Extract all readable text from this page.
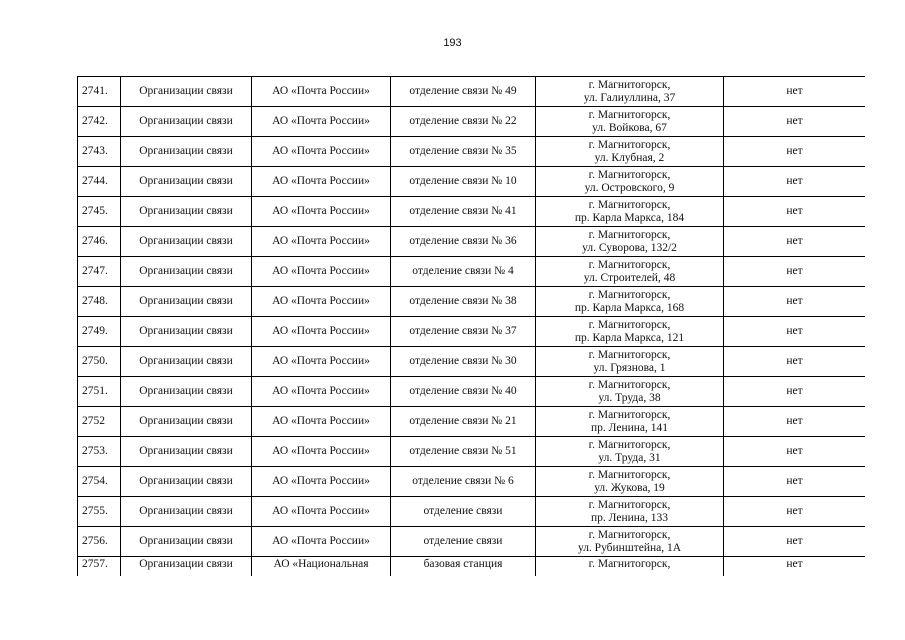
193
2741.	Организации связи	АО «Почта России»	отделение связи № 49	г. Магнитогорск,
ул. Галиуллина, 37	нет
2742.	Организации связи	АО «Почта России»	отделение связи № 22	г. Магнитогорск,
ул. Войкова, 67	нет
2743.	Организации связи	АО «Почта России»	отделение связи № 35	г. Магнитогорск,
ул. Клубная, 2	нет
2744.	Организации связи	АО «Почта России»	отделение связи № 10	г. Магнитогорск,
ул. Островского, 9	нет
2745.	Организации связи	АО «Почта России»	отделение связи № 41	г. Магнитогорск,
пр. Карла Маркса, 184	нет
2746.	Организации связи	АО «Почта России»	отделение связи № 36	г. Магнитогорск,
ул. Суворова, 132/2	нет
2747.	Организации связи	АО «Почта России»	отделение связи № 4	г. Магнитогорск,
ул. Строителей, 48	нет
2748.	Организации связи	АО «Почта России»	отделение связи № 38	г. Магнитогорск,
пр. Карла Маркса, 168	нет
2749.	Организации связи	АО «Почта России»	отделение связи № 37	г. Магнитогорск,
пр. Карла Маркса, 121	нет
2750.	Организации связи	АО «Почта России»	отделение связи № 30	г. Магнитогорск,
ул. Грязнова, 1	нет
2751.	Организации связи	АО «Почта России»	отделение связи № 40	г. Магнитогорск,
ул. Труда, 38	нет
2752	Организации связи	АО «Почта России»	отделение связи № 21	г. Магнитогорск,
пр. Ленина, 141	нет
2753.	Организации связи	АО «Почта России»	отделение связи № 51	г. Магнитогорск,
ул. Труда, 31	нет
2754.	Организации связи	АО «Почта России»	отделение связи № 6	г. Магнитогорск,
ул. Жукова, 19	нет
2755.	Организации связи	АО «Почта России»	отделение связи	г. Магнитогорск,
пр. Ленина, 133	нет
2756.	Организации связи	АО «Почта России»	отделение связи	г. Магнитогорск,
ул. Рубинштейна, 1А	нет
2757.	Организации связи	АО «Национальная	базовая станция	г. Магнитогорск,	нет
